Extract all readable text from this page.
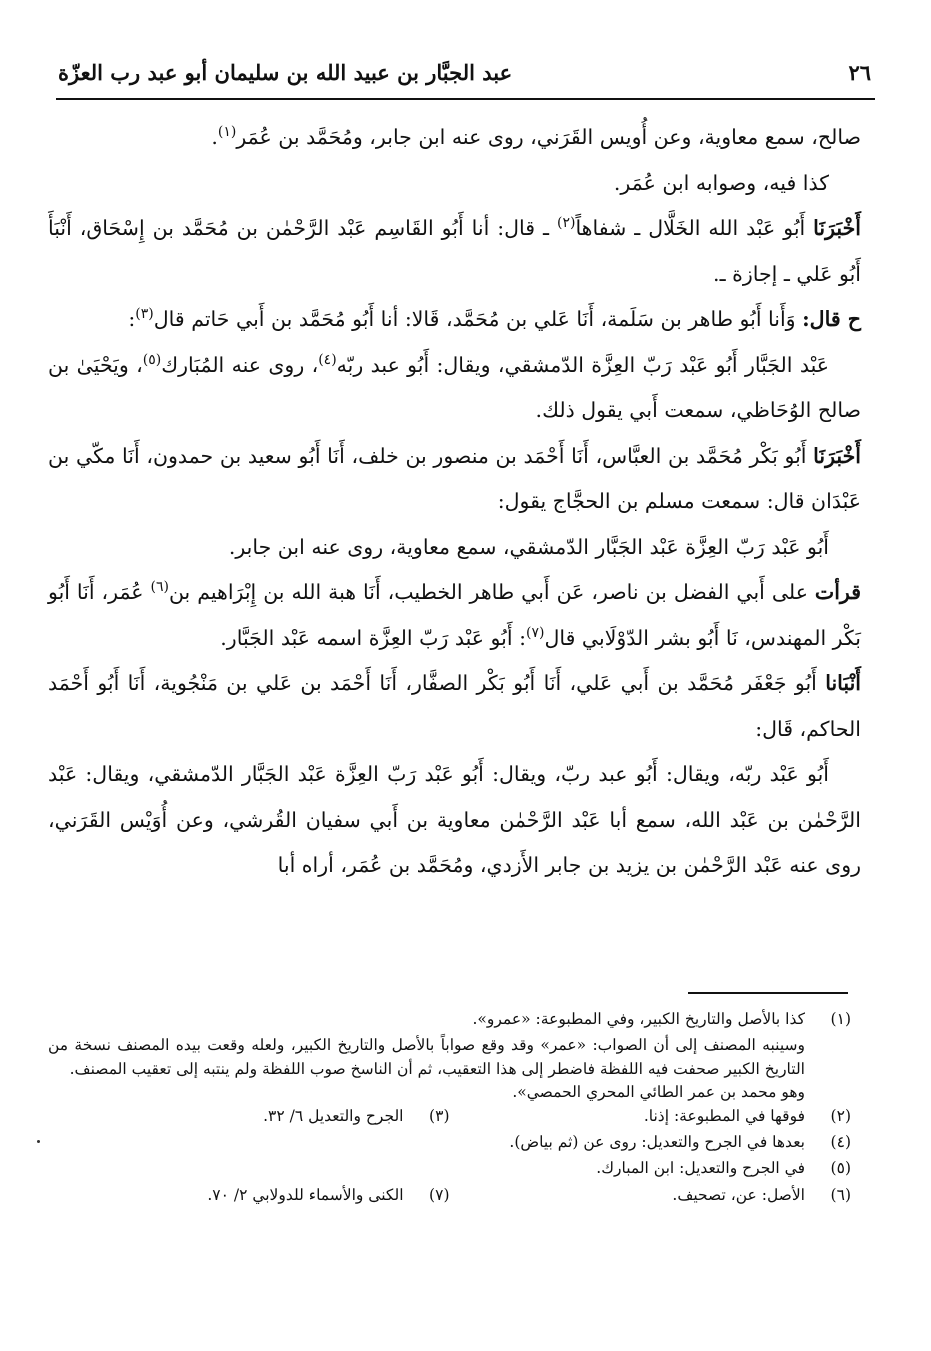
عبد الجبَّار بن عبيد الله بن سليمان أبو عبد رب العزّة	٢٦

صالح، سمع معاوية، وعن أُويس القَرَني، روى عنه ابن جابر، ومُحَمَّد بن عُمَر$^{(١)}$.

كذا فيه، وصوابه ابن عُمَر.

أَخْبَرَنَا أَبُو عَبْد الله الخَلَّال ـ شفاهاً$^{(٢)}$ ـ قال: أنا أَبُو القَاسِم عَبْد الرَّحْمٰن بن مُحَمَّد بن إِسْحَاق، أَنْبَأَ أَبُو عَلي ـ إجازة ـ.

ح قال: وَأَنا أَبُو طاهر بن سَلَمة، أَنَا عَلي بن مُحَمَّد، قَالا: أنا أَبُو مُحَمَّد بن أَبي حَاتم قال$^{(٣)}$:

عَبْد الجَبَّار أَبُو عَبْد رَبّ العِزَّة الدّمشقي، ويقال: أَبُو عبد ربّه$^{(٤)}$، روى عنه المُبَارك$^{(٥)}$، ويَحْيَىٰ بن صالح الوُحَاظي، سمعت أَبي يقول ذلك.

أَخْبَرَنَا أَبُو بَكْر مُحَمَّد بن العبَّاس، أَنَا أَحْمَد بن منصور بن خلف، أَنَا أَبُو سعيد بن حمدون، أَنَا مكّي بن عَبْدَان قال: سمعت مسلم بن الحجَّاج يقول:

أَبُو عَبْد رَبّ العِزَّة عَبْد الجَبَّار الدّمشقي، سمع معاوية، روى عنه ابن جابر.

قرأت على أَبي الفضل بن ناصر، عَن أَبي طاهر الخطيب، أَنَا هبة الله بن إِبْرَاهيم بن$^{(٦)}$ عُمَر، أَنَا أَبُو بَكْر المهندس، نَا أَبُو بشر الدّوْلَابي قال$^{(٧)}$: أَبُو عَبْد رَبّ العِزَّة اسمه عَبْد الجَبَّار.

أَنْبَانا أَبُو جَعْفَر مُحَمَّد بن أَبي عَلي، أَنَا أَبُو بَكْر الصفَّار، أَنَا أَحْمَد بن عَلي بن مَنْجُوية، أَنَا أَبُو أَحْمَد الحاكم، قَال:

أَبُو عَبْد ربّه، ويقال: أَبُو عبد ربّ، ويقال: أَبُو عَبْد رَبّ العِزَّة عَبْد الجَبَّار الدّمشقي، ويقال: عَبْد الرَّحْمٰن بن عَبْد الله، سمع أبا عَبْد الرَّحْمٰن معاوية بن أَبي سفيان القُرشي، وعن أُوَيْس القَرَني، روى عنه عَبْد الرَّحْمٰن بن يزيد بن جابر الأَزدي، ومُحَمَّد بن عُمَر، أراه أبا

(١)
كذا بالأصل والتاريخ الكبير، وفي المطبوعة: «عمرو».
وسينبه المصنف إلى أن الصواب: «عمر» وقد وقع صواباً بالأصل والتاريخ الكبير، ولعله وقعت بيده المصنف نسخة من التاريخ الكبير صحفت فيه اللفظة فاضطر إلى هذا التعقيب، ثم أن الناسخ صوب اللفظة ولم ينتبه إلى تعقيب المصنف.
وهو محمد بن عمر الطائي المحري الحمصي».
(٢)
فوقها في المطبوعة: إذنا.
(٣)
الجرح والتعديل ٦/ ٣٢.
(٤)
بعدها في الجرح والتعديل: روى عن (ثم بياض).
(٥)
في الجرح والتعديل: ابن المبارك.
(٦)
الأصل: عن، تصحيف.
(٧)
الكنى والأسماء للدولابي ٢/ ٧٠.
